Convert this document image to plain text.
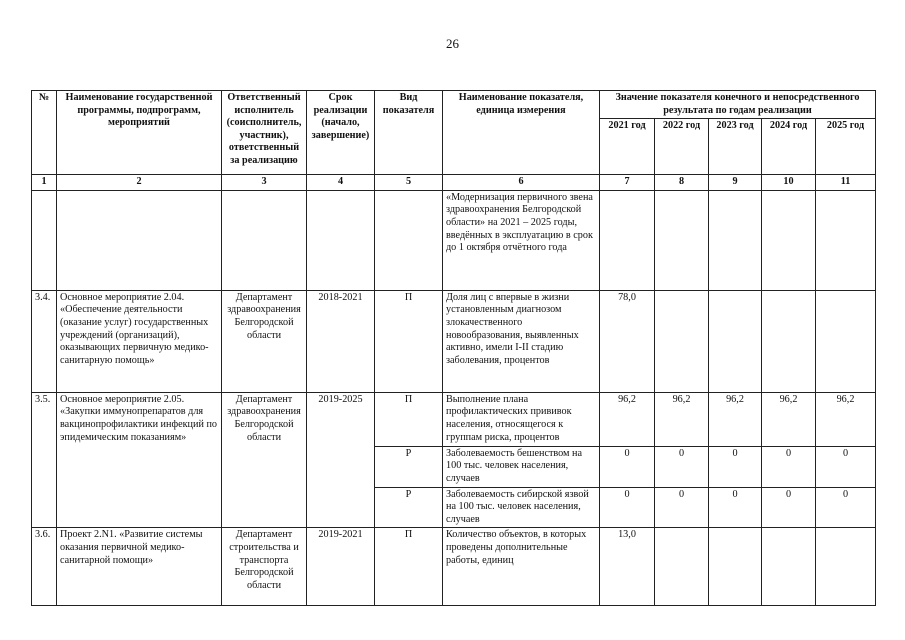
26
№	Наименование государственной программы, подпрограмм, мероприятий	Ответственный исполнитель (соисполнитель, участник), ответственный за реализацию	Срок реализации (начало, завершение)	Вид показателя	Наименование показателя, единица измерения	Значение показателя конечного и непосредственного результата по годам реализации				
						2021 год	2022 год	2023 год	2024 год	2025 год
1	2	3	4	5	6	7	8	9	10	11
					«Модернизация первичного звена здравоохранения Белгородской области» на 2021 – 2025 годы, введённых в эксплуатацию в срок до 1 октября отчётного года					
3.4.	Основное мероприятие 2.04. «Обеспечение деятельности (оказание услуг) государственных учреждений (организаций), оказывающих первичную медико-санитарную помощь»	Департамент здравоохранения Белгородской области	2018-2021	П	Доля лиц с впервые в жизни установленным диагнозом злокачественного новообразования, выявленных активно, имели I-II стадию заболевания, процентов	78,0				
3.5.	Основное мероприятие 2.05. «Закупки иммунопрепаратов для вакцинопрофилактики инфекций по эпидемическим показаниям»	Департамент здравоохранения Белгородской области	2019-2025	П	Выполнение плана профилактических прививок населения, относящегося к группам риска, процентов	96,2	96,2	96,2	96,2	96,2
				Р	Заболеваемость бешенством на 100 тыс. человек населения, случаев	0	0	0	0	0
				Р	Заболеваемость сибирской язвой на 100 тыс. человек населения, случаев	0	0	0	0	0
3.6.	Проект 2.N1. «Развитие системы оказания первичной медико-санитарной помощи»	Департамент строительства и транспорта Белгородской области	2019-2021	П	Количество объектов, в которых проведены дополнительные работы, единиц	13,0				
